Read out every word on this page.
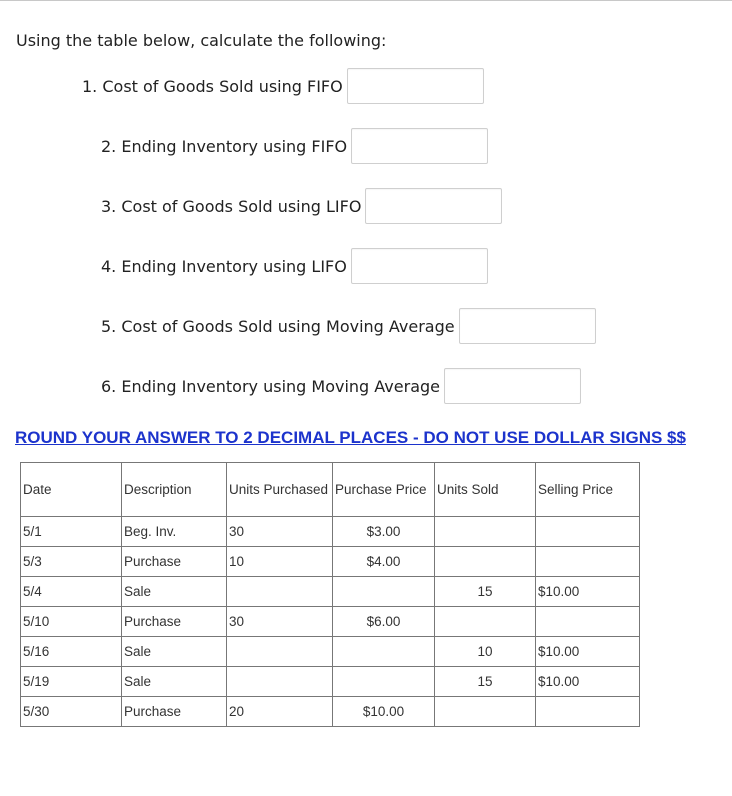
Using the table below, calculate the following:
1. Cost of Goods Sold using FIFO
2. Ending Inventory using FIFO
3. Cost of Goods Sold using LIFO
4. Ending Inventory using LIFO
5. Cost of Goods Sold using Moving Average
6. Ending Inventory using Moving Average
ROUND YOUR ANSWER TO 2 DECIMAL PLACES - DO NOT USE DOLLAR SIGNS $$
Date	Description	Units Purchased	Purchase Price	Units Sold	Selling Price
5/1	Beg. Inv.	30	$3.00		
5/3	Purchase	10	$4.00		
5/4	Sale			15	$10.00
5/10	Purchase	30	$6.00		
5/16	Sale			10	$10.00
5/19	Sale			15	$10.00
5/30	Purchase	20	$10.00		
